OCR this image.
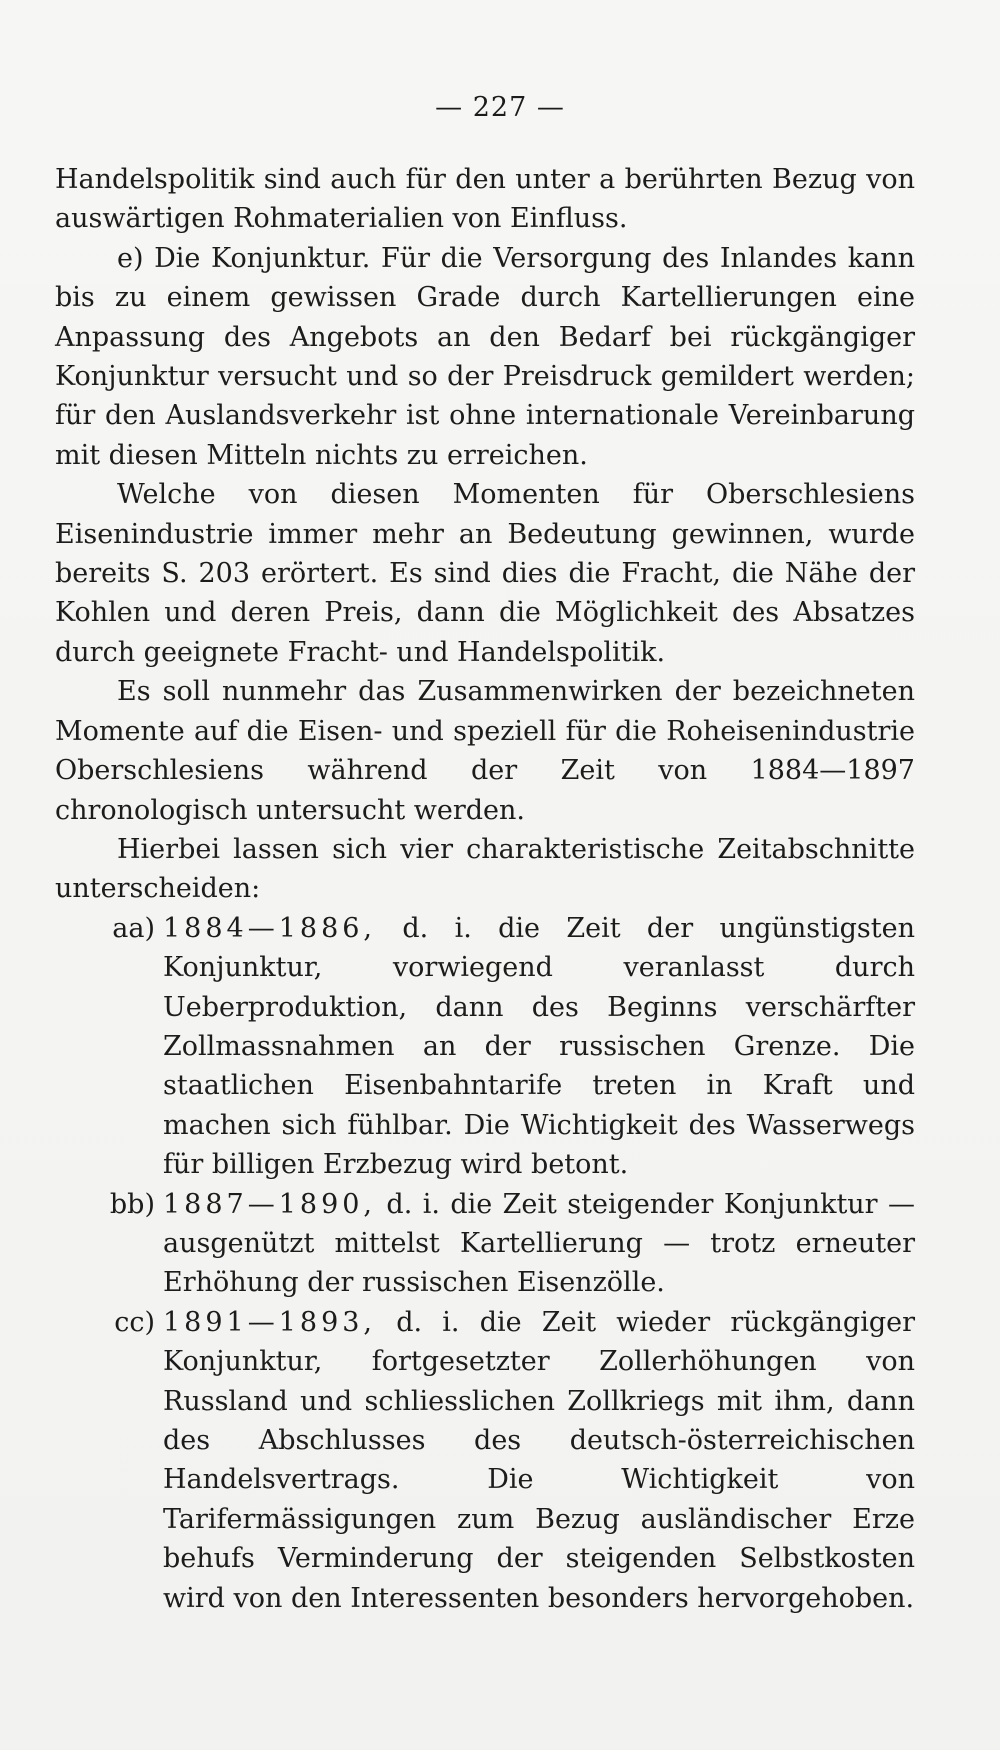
— 227 —

Handelspolitik sind auch für den unter a berührten Bezug von auswärtigen Rohmaterialien von Einfluss.

e) Die Konjunktur. Für die Versorgung des Inlandes kann bis zu einem gewissen Grade durch Kartellierungen eine Anpassung des Angebots an den Bedarf bei rückgängiger Konjunktur versucht und so der Preisdruck gemildert werden; für den Auslandsverkehr ist ohne internationale Vereinbarung mit diesen Mitteln nichts zu erreichen.

Welche von diesen Momenten für Oberschlesiens Eisenindustrie immer mehr an Bedeutung gewinnen, wurde bereits S. 203 erörtert. Es sind dies die Fracht, die Nähe der Kohlen und deren Preis, dann die Möglichkeit des Absatzes durch geeignete Fracht- und Handelspolitik.

Es soll nunmehr das Zusammenwirken der bezeichneten Momente auf die Eisen- und speziell für die Roheisenindustrie Oberschlesiens während der Zeit von 1884—1897 chronologisch untersucht werden.

Hierbei lassen sich vier charakteristische Zeitabschnitte unterscheiden:

aa) 1884—1886, d. i. die Zeit der ungünstigsten Konjunktur, vorwiegend veranlasst durch Ueberproduktion, dann des Beginns verschärfter Zollmassnahmen an der russischen Grenze. Die staatlichen Eisenbahntarife treten in Kraft und machen sich fühlbar. Die Wichtigkeit des Wasserwegs für billigen Erzbezug wird betont.
bb) 1887—1890, d. i. die Zeit steigender Konjunktur — ausgenützt mittelst Kartellierung — trotz erneuter Erhöhung der russischen Eisenzölle.
cc) 1891—1893, d. i. die Zeit wieder rückgängiger Konjunktur, fortgesetzter Zollerhöhungen von Russland und schliesslichen Zollkriegs mit ihm, dann des Abschlusses des deutsch-österreichischen Handelsvertrags. Die Wichtigkeit von Tarifermässigungen zum Bezug ausländischer Erze behufs Verminderung der steigenden Selbstkosten wird von den Interessenten besonders hervorgehoben.
